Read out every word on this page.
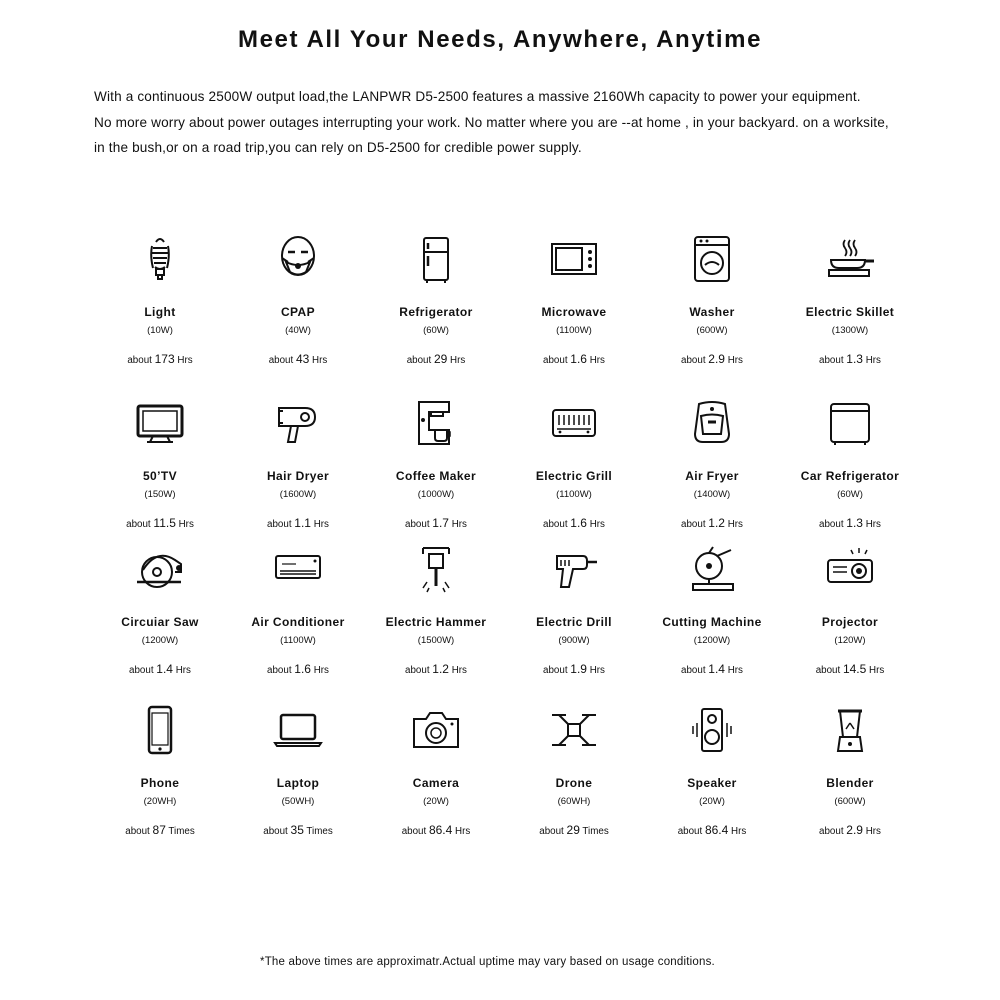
Meet All Your Needs, Anywhere, Anytime

With a continuous 2500W output load,the LANPWR D5-2500 features a massive 2160Wh capacity to power your equipment.

No more worry about power outages interrupting your work. No matter where you are --at home , in your backyard. on a worksite,

in the bush,or on a road trip,you can rely on D5-2500 for credible power supply.

Light
(10W)
about 173 Hrs
CPAP
(40W)
about 43 Hrs
Refrigerator
(60W)
about 29 Hrs
Microwave
(1100W)
about 1.6 Hrs
Washer
(600W)
about 2.9 Hrs
Electric Skillet
(1300W)
about 1.3 Hrs
50’TV
(150W)
about 11.5 Hrs
Hair Dryer
(1600W)
about 1.1 Hrs
Coffee Maker
(1000W)
about 1.7 Hrs
Electric Grill
(1100W)
about 1.6 Hrs
Air Fryer
(1400W)
about 1.2 Hrs
Car Refrigerator
(60W)
about 1.3 Hrs
Circuiar Saw
(1200W)
about 1.4 Hrs
Air Conditioner
(1100W)
about 1.6 Hrs
Electric Hammer
(1500W)
about 1.2 Hrs
Electric Drill
(900W)
about 1.9 Hrs
Cutting Machine
(1200W)
about 1.4 Hrs
Projector
(120W)
about 14.5 Hrs
Phone
(20WH)
about 87 Times
Laptop
(50WH)
about 35 Times
Camera
(20W)
about 86.4 Hrs
Drone
(60WH)
about 29 Times
Speaker
(20W)
about 86.4 Hrs
Blender
(600W)
about 2.9 Hrs
*The above times are approximatr.Actual uptime may vary based on usage conditions.
